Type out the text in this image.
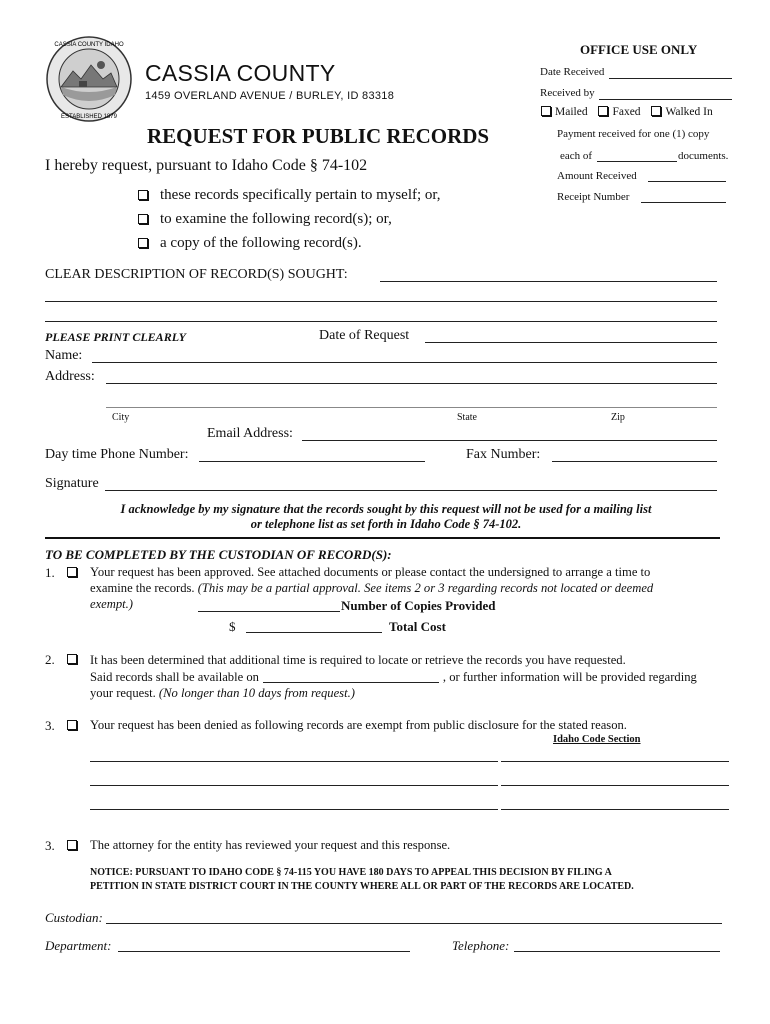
CASSIA COUNTY IDAHO
ESTABLISHED 1879
CASSIA COUNTY
1459 OVERLAND AVENUE / BURLEY, ID 83318
REQUEST FOR PUBLIC RECORDS
I hereby request, pursuant to Idaho Code § 74-102
OFFICE USE ONLY
Date Received
Received by
Mailed Faxed Walked In
Payment received for one (1) copy
each of	documents.
Amount Received
Receipt Number
these records specifically pertain to myself; or,
to examine the following record(s); or,
a copy of the following record(s).
CLEAR DESCRIPTION OF RECORD(S) SOUGHT:
PLEASE PRINT CLEARLY	Date of Request
Name:
Address:
City	State	Zip
Email Address:
Day time Phone Number:	Fax Number:
Signature
I acknowledge by my signature that the records sought by this request will not be used for a mailing list
or telephone list as set forth in Idaho Code § 74-102.
TO BE COMPLETED BY THE CUSTODIAN OF RECORD(S):
1.	Your request has been approved. See attached documents or please contact the undersigned to arrange a time to
examine the records. (This may be a partial approval. See items 2 or 3 regarding records not located or deemed
exempt.)	Number of Copies Provided
$	Total Cost
2.	It has been determined that additional time is required to locate or retrieve the records you have requested.
Said records shall be available on	, or further information will be provided regarding
your request. (No longer than 10 days from request.)
3.	Your request has been denied as following records are exempt from public disclosure for the stated reason.
Idaho Code Section
3.	The attorney for the entity has reviewed your request and this response.
NOTICE: PURSUANT TO IDAHO CODE § 74-115 YOU HAVE 180 DAYS TO APPEAL THIS DECISION BY FILING A
PETITION IN STATE DISTRICT COURT IN THE COUNTY WHERE ALL OR PART OF THE RECORDS ARE LOCATED.
Custodian:
Department:	Telephone:
